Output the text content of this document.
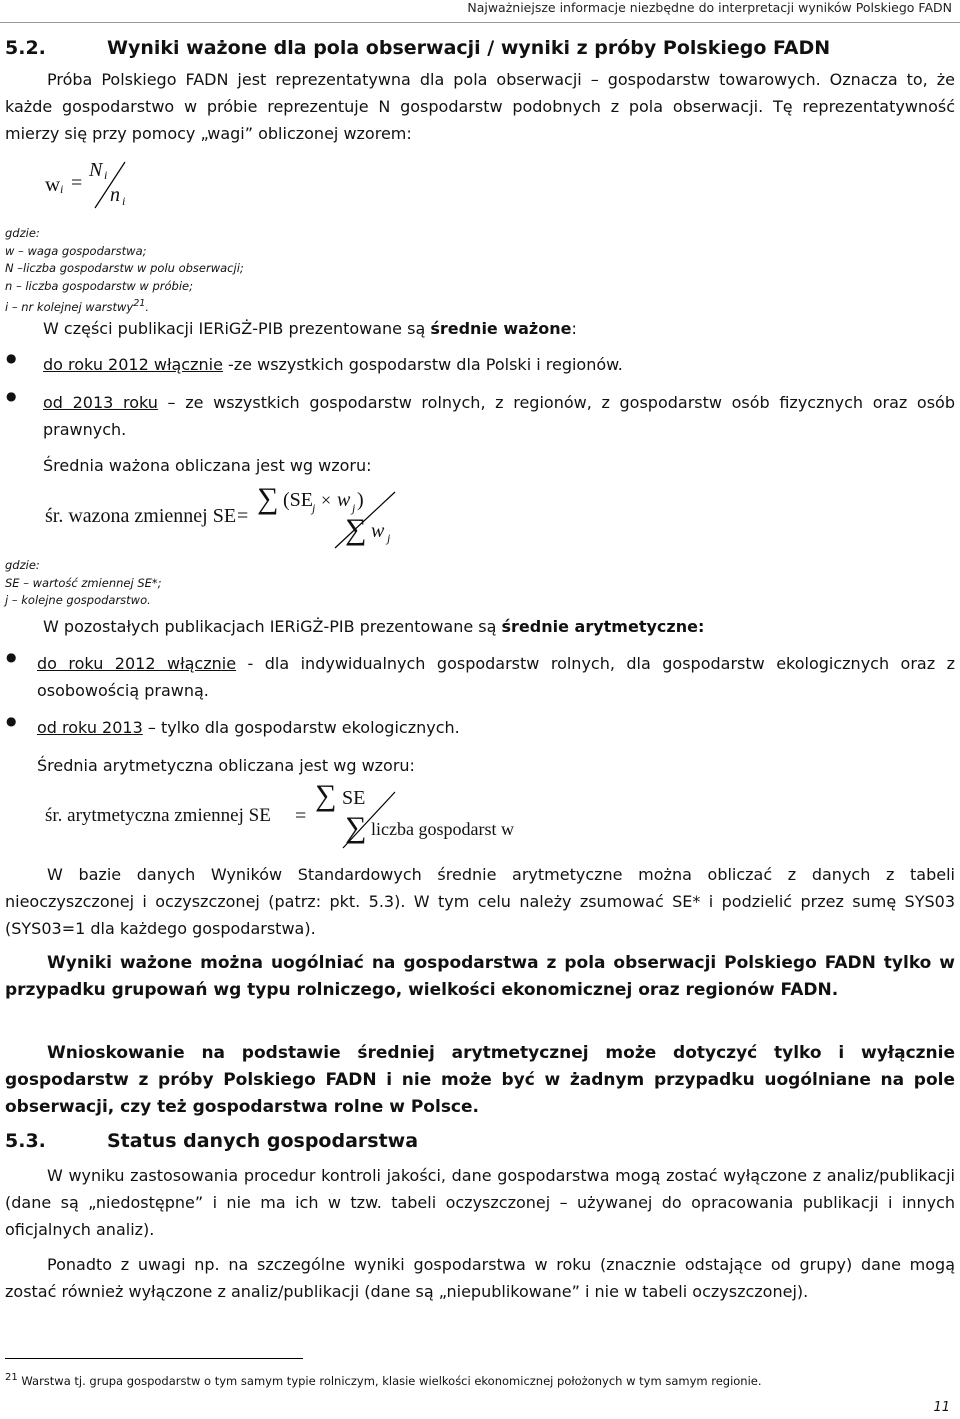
Najważniejsze informacje niezbędne do interpretacji wyników Polskiego FADN
5.2.	Wyniki ważone dla pola obserwacji / wyniki z próby Polskiego FADN
Próba Polskiego FADN jest reprezentatywna dla pola obserwacji – gospodarstw towarowych. Oznacza to, że każde gospodarstwo w próbie reprezentuje N gospodarstw podobnych z pola obserwacji. Tę reprezentatywność mierzy się przy pomocy „wagi” obliczonej wzorem:
w i =
N i
n i
gdzie:
w – waga gospodarstwa;
N –liczba gospodarstw w polu obserwacji;
n – liczba gospodarstw w próbie;
i – nr kolejnej warstwy$^{21}$.
W części publikacji IERiGŻ-PIB prezentowane są średnie ważone:
● do roku 2012 włącznie -ze wszystkich gospodarstw dla Polski i regionów.
● od 2013 roku – ze wszystkich gospodarstw rolnych, z regionów, z gospodarstw osób fizycznych oraz osób prawnych.
Średnia ważona obliczana jest wg wzoru:
śr. wazona zmiennej SE =
∑ (SE j × w j )
∑ w j
gdzie:
SE – wartość zmiennej SE*;
j – kolejne gospodarstwo.
W pozostałych publikacjach IERiGŻ-PIB prezentowane są średnie arytmetyczne:
● do roku 2012 włącznie - dla indywidualnych gospodarstw rolnych, dla gospodarstw ekologicznych oraz z osobowością prawną.
● od roku 2013 – tylko dla gospodarstw ekologicznych.
Średnia arytmetyczna obliczana jest wg wzoru:
śr. arytmetyczna zmiennej SE =
∑ SE
∑ liczba gospodarst w
W bazie danych Wyników Standardowych średnie arytmetyczne można obliczać z danych z tabeli nieoczyszczonej i oczyszczonej (patrz: pkt. 5.3). W tym celu należy zsumować SE* i podzielić przez sumę SYS03 (SYS03=1 dla każdego gospodarstwa).
Wyniki ważone można uogólniać na gospodarstwa z pola obserwacji Polskiego FADN tylko w przypadku grupowań wg typu rolniczego, wielkości ekonomicznej oraz regionów FADN.
Wnioskowanie na podstawie średniej arytmetycznej może dotyczyć tylko i wyłącznie gospodarstw z próby Polskiego FADN i nie może być w żadnym przypadku uogólniane na pole obserwacji, czy też gospodarstwa rolne w Polsce.
5.3.	Status danych gospodarstwa
W wyniku zastosowania procedur kontroli jakości, dane gospodarstwa mogą zostać wyłączone z analiz/publikacji (dane są „niedostępne” i nie ma ich w tzw. tabeli oczyszczonej – używanej do opracowania publikacji i innych oficjalnych analiz).
Ponadto z uwagi np. na szczególne wyniki gospodarstwa w roku (znacznie odstające od grupy) dane mogą zostać również wyłączone z analiz/publikacji (dane są „niepublikowane” i nie w tabeli oczyszczonej).
$^{21}$ Warstwa tj. grupa gospodarstw o tym samym typie rolniczym, klasie wielkości ekonomicznej położonych w tym samym regionie.
11
